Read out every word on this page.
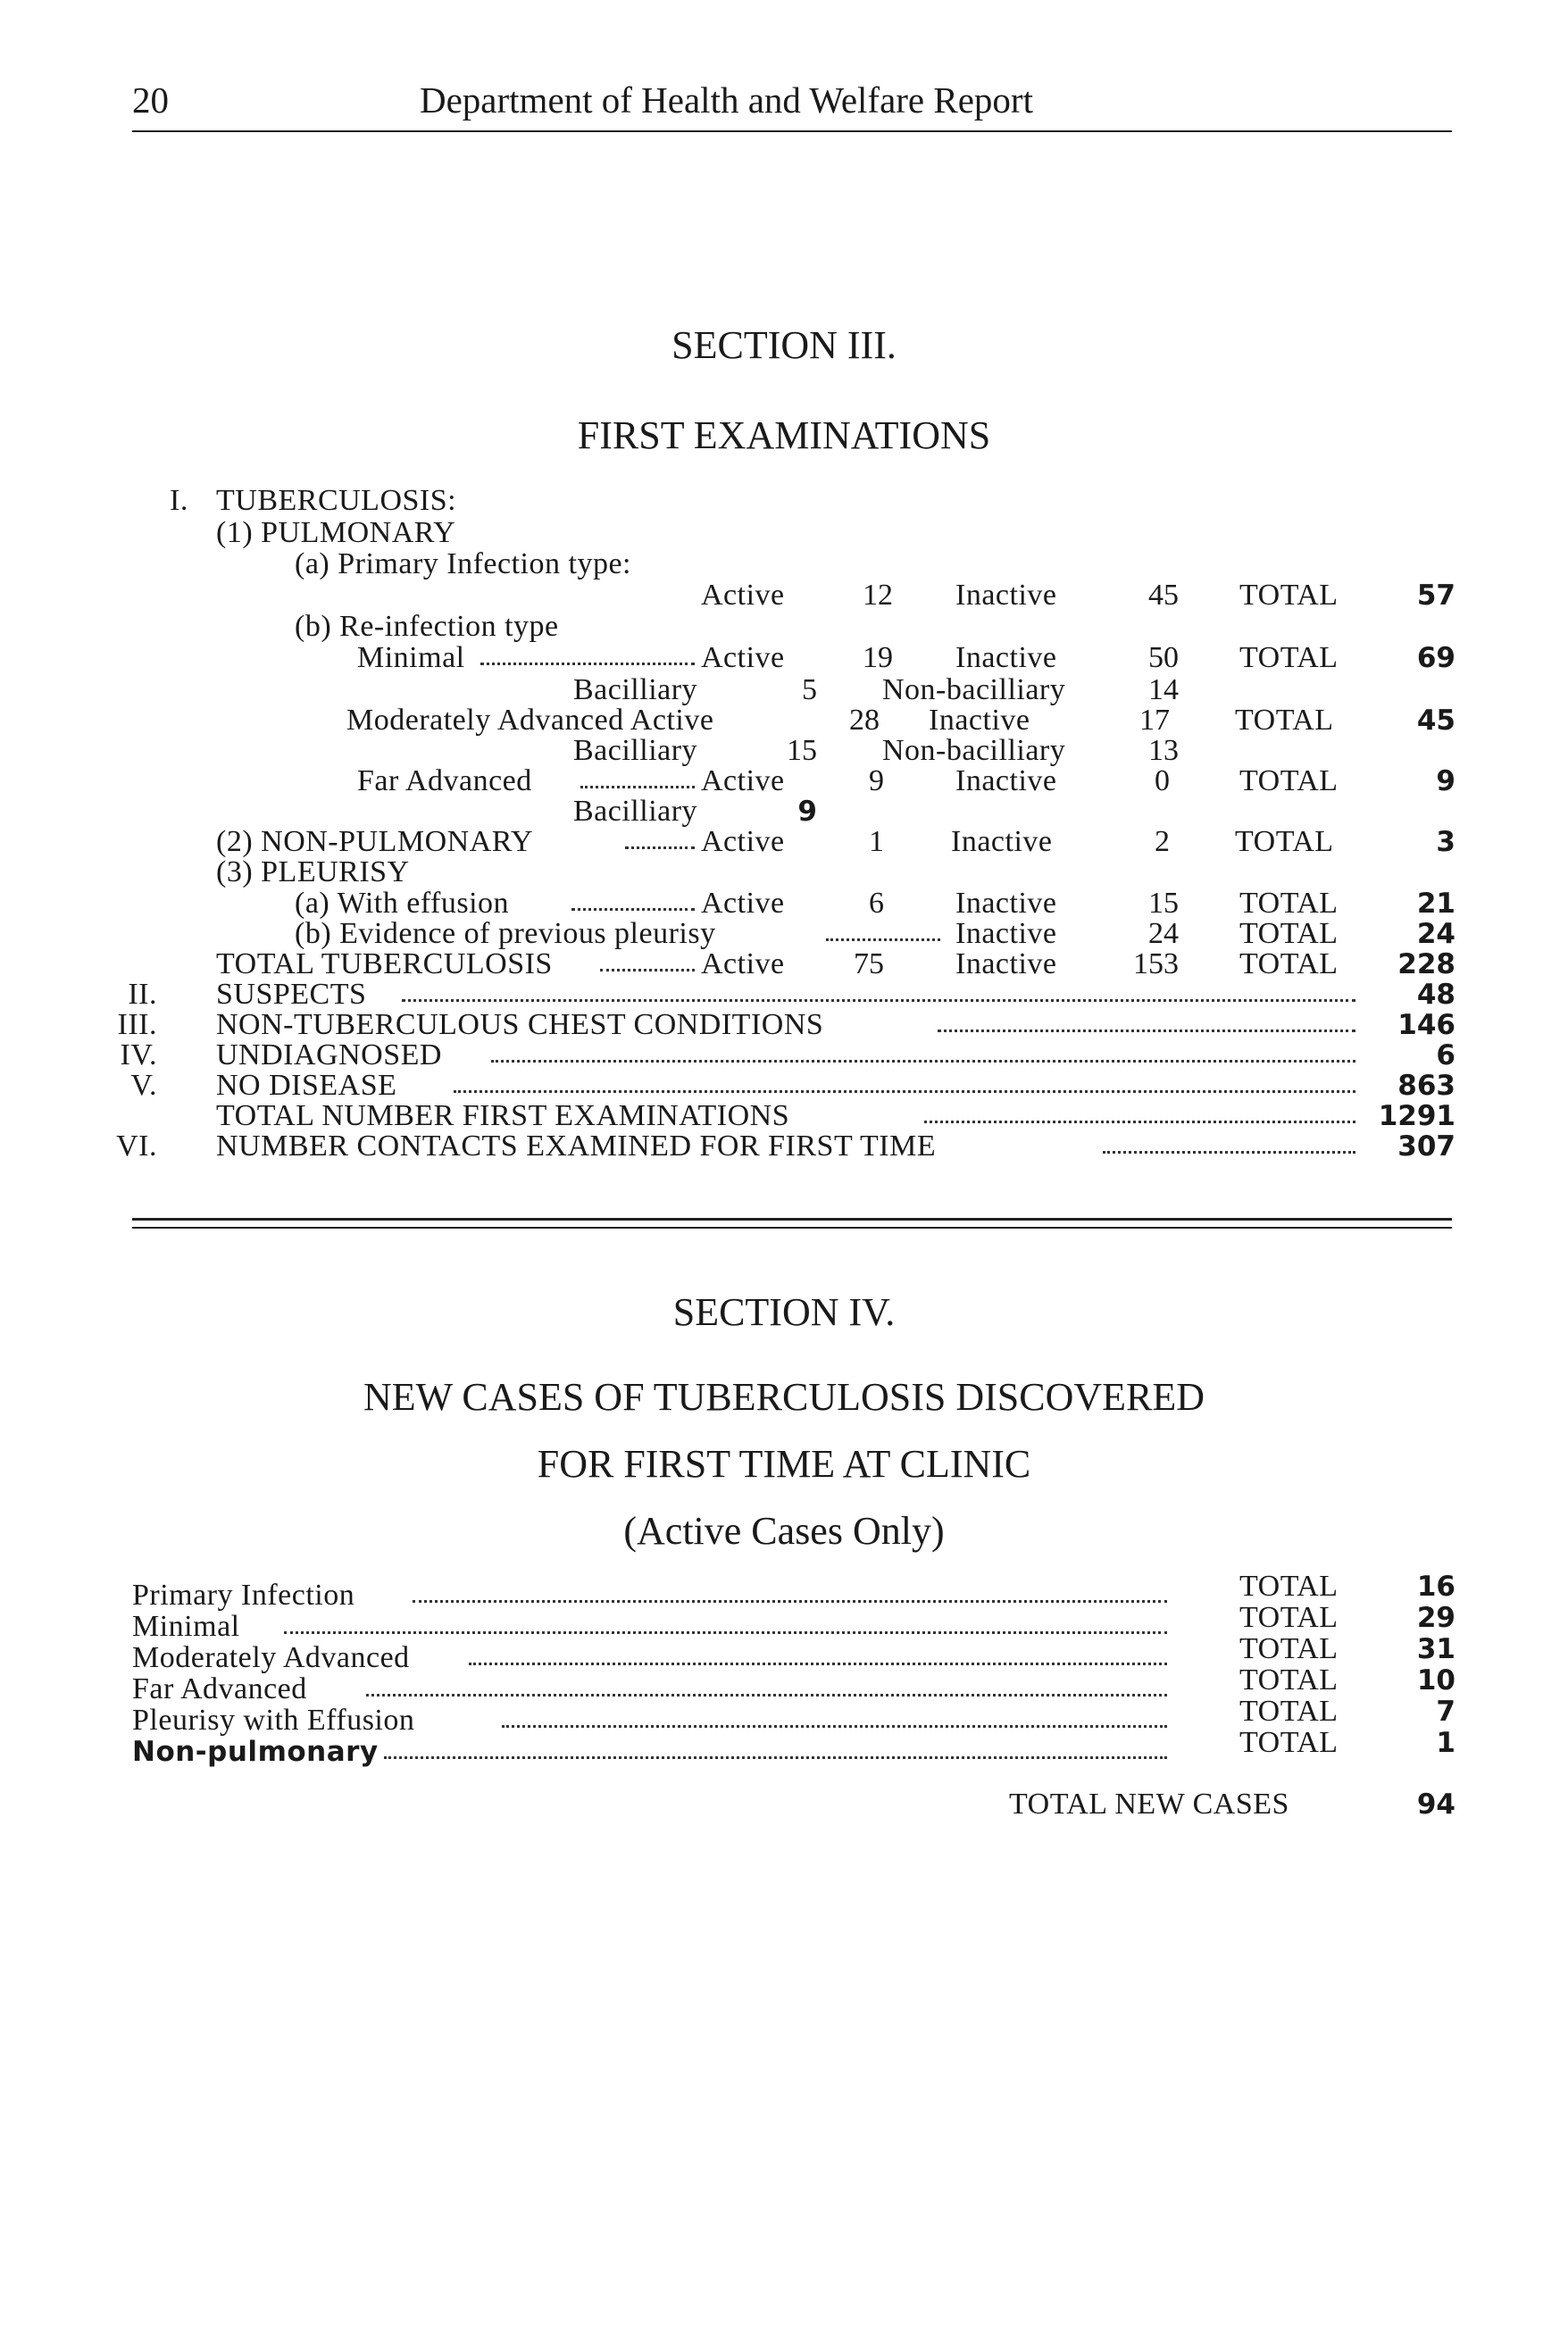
20	Department of Health and Welfare Report
SECTION III.
FIRST EXAMINATIONS
I. TUBERCULOSIS:
(1) PULMONARY
(a) Primary Infection type:
Active	12 Inactive	45 TOTAL	57
(b) Re-infection type
Minimal	Active	19 Inactive	50 TOTAL	69
Bacilliary	5 Non-bacilliary	14
Moderately Advanced Active	28 Inactive	17 TOTAL	45
Bacilliary	15 Non-bacilliary	13
Far Advanced	Active	9 Inactive	0 TOTAL	9
Bacilliary	9
(2) NON-PULMONARY	Active	1 Inactive	2 TOTAL	3
(3) PLEURISY
(a) With effusion	Active	6 Inactive	15 TOTAL	21
(b) Evidence of previous pleurisy	Inactive	24 TOTAL	24
TOTAL TUBERCULOSIS	Active	75 Inactive	153 TOTAL	228
II. SUSPECTS	48
III. NON-TUBERCULOUS CHEST CONDITIONS	146
IV. UNDIAGNOSED	6
V. NO DISEASE	863
TOTAL NUMBER FIRST EXAMINATIONS	1291
VI. NUMBER CONTACTS EXAMINED FOR FIRST TIME	307
SECTION IV.
NEW CASES OF TUBERCULOSIS DISCOVERED
FOR FIRST TIME AT CLINIC
(Active Cases Only)
Primary Infection	TOTAL	16
Minimal	TOTAL	29
Moderately Advanced	TOTAL	31
Far Advanced	TOTAL	10
Pleurisy with Effusion	TOTAL	7
Non-pulmonary	TOTAL	1
TOTAL NEW CASES	94
